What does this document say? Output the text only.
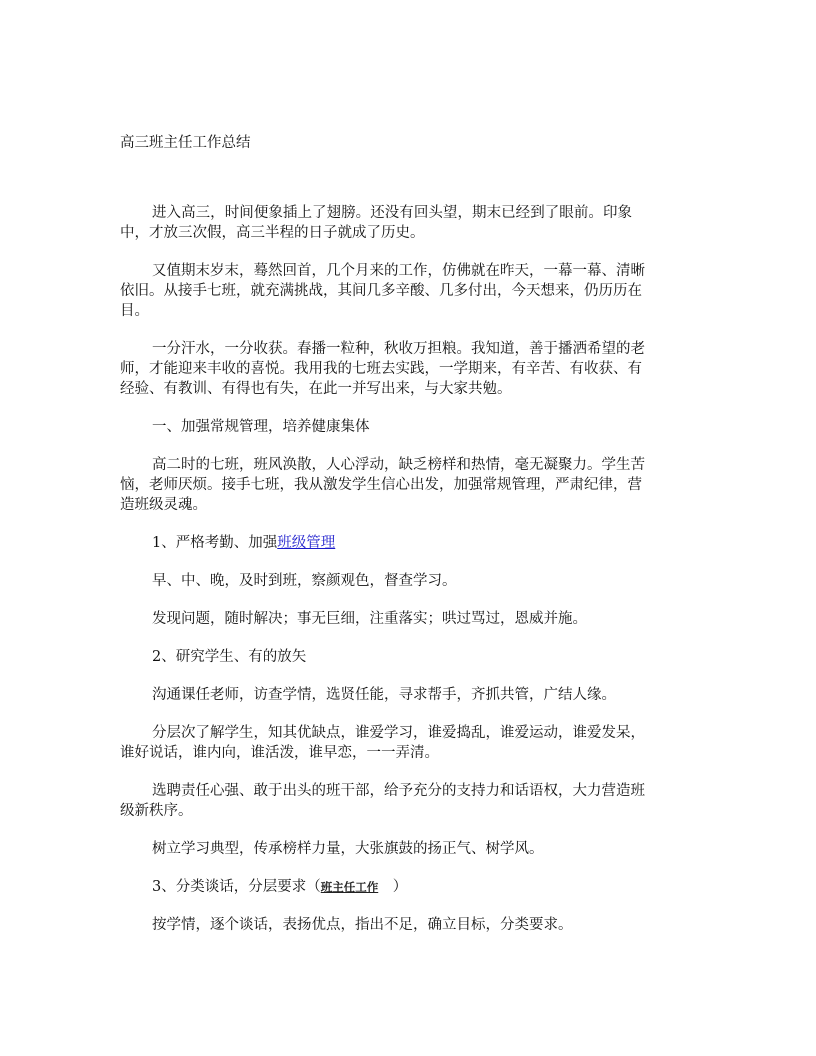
高三班主任工作总结
进入高三，时间便象插上了翅膀。还没有回头望，期末已经到了眼前。印象
中，才放三次假，高三半程的日子就成了历史。
又值期末岁末，蓦然回首，几个月来的工作，仿佛就在昨天，一幕一幕、清晰
依旧。从接手七班，就充满挑战，其间几多辛酸、几多付出，今天想来，仍历历在
目。
一分汗水，一分收获。春播一粒种，秋收万担粮。我知道，善于播洒希望的老
师，才能迎来丰收的喜悦。我用我的七班去实践，一学期来，有辛苦、有收获、有
经验、有教训、有得也有失，在此一并写出来，与大家共勉。
一、加强常规管理，培养健康集体
高二时的七班，班风涣散，人心浮动，缺乏榜样和热情，毫无凝聚力。学生苦
恼，老师厌烦。接手七班，我从激发学生信心出发，加强常规管理，严肃纪律，营
造班级灵魂。
1、严格考勤、加强班级管理
早、中、晚，及时到班，察颜观色，督查学习。
发现问题，随时解决；事无巨细，注重落实；哄过骂过，恩威并施。
2、研究学生、有的放矢
沟通课任老师，访查学情，选贤任能，寻求帮手，齐抓共管，广结人缘。
分层次了解学生，知其优缺点，谁爱学习，谁爱捣乱，谁爱运动，谁爱发呆，
谁好说话，谁内向，谁活泼，谁早恋，一一弄清。
选聘责任心强、敢于出头的班干部，给予充分的支持力和话语权，大力营造班
级新秩序。
树立学习典型，传承榜样力量，大张旗鼓的扬正气、树学风。
3、分类谈话，分层要求（班主任工作　）
按学情，逐个谈话，表扬优点，指出不足，确立目标，分类要求。
